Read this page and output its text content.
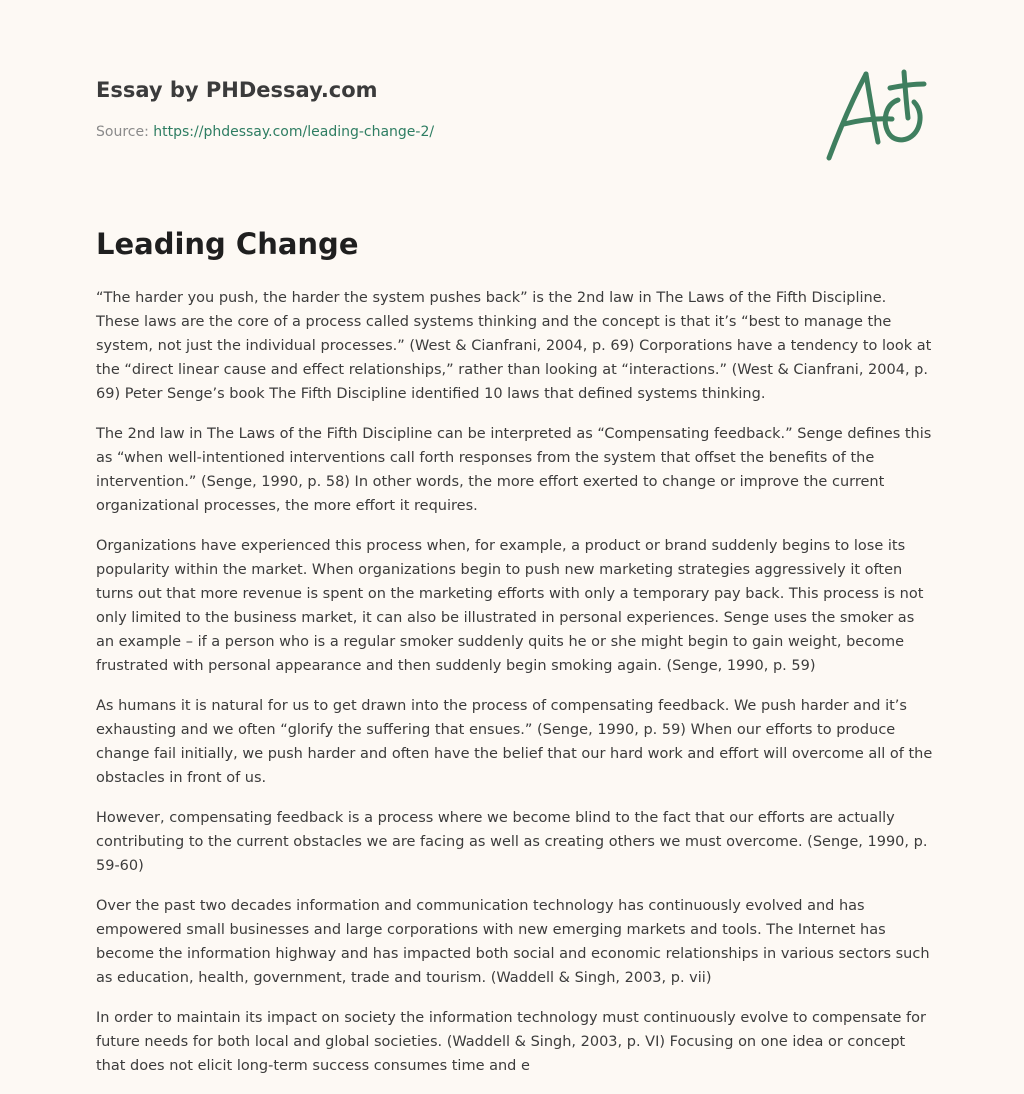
Essay by PHDessay.com
Source: https://phdessay.com/leading-change-2/
Leading Change

“The harder you push, the harder the system pushes back” is the 2nd law in The Laws of the Fifth Discipline. These laws are the core of a process called systems thinking and the concept is that it’s “best to manage the system, not just the individual processes.” (West & Cianfrani, 2004, p. 69) Corporations have a tendency to look at the “direct linear cause and effect relationships,” rather than looking at “interactions.” (West & Cianfrani, 2004, p. 69) Peter Senge’s book The Fifth Discipline identified 10 laws that defined systems thinking.

The 2nd law in The Laws of the Fifth Discipline can be interpreted as “Compensating feedback.” Senge defines this as “when well-intentioned interventions call forth responses from the system that offset the benefits of the intervention.” (Senge, 1990, p. 58) In other words, the more effort exerted to change or improve the current organizational processes, the more effort it requires.

Organizations have experienced this process when, for example, a product or brand suddenly begins to lose its popularity within the market. When organizations begin to push new marketing strategies aggressively it often turns out that more revenue is spent on the marketing efforts with only a temporary pay back. This process is not only limited to the business market, it can also be illustrated in personal experiences. Senge uses the smoker as an example – if a person who is a regular smoker suddenly quits he or she might begin to gain weight, become frustrated with personal appearance and then suddenly begin smoking again. (Senge, 1990, p. 59)

As humans it is natural for us to get drawn into the process of compensating feedback. We push harder and it’s exhausting and we often “glorify the suffering that ensues.” (Senge, 1990, p. 59) When our efforts to produce change fail initially, we push harder and often have the belief that our hard work and effort will overcome all of the obstacles in front of us.

However, compensating feedback is a process where we become blind to the fact that our efforts are actually contributing to the current obstacles we are facing as well as creating others we must overcome. (Senge, 1990, p. 59-60)

Over the past two decades information and communication technology has continuously evolved and has empowered small businesses and large corporations with new emerging markets and tools. The Internet has become the information highway and has impacted both social and economic relationships in various sectors such as education, health, government, trade and tourism. (Waddell & Singh, 2003, p. vii)

In order to maintain its impact on society the information technology must continuously evolve to compensate for future needs for both local and global societies. (Waddell & Singh, 2003, p. VI) Focusing on one idea or concept that does not elicit long-term success consumes time and e
